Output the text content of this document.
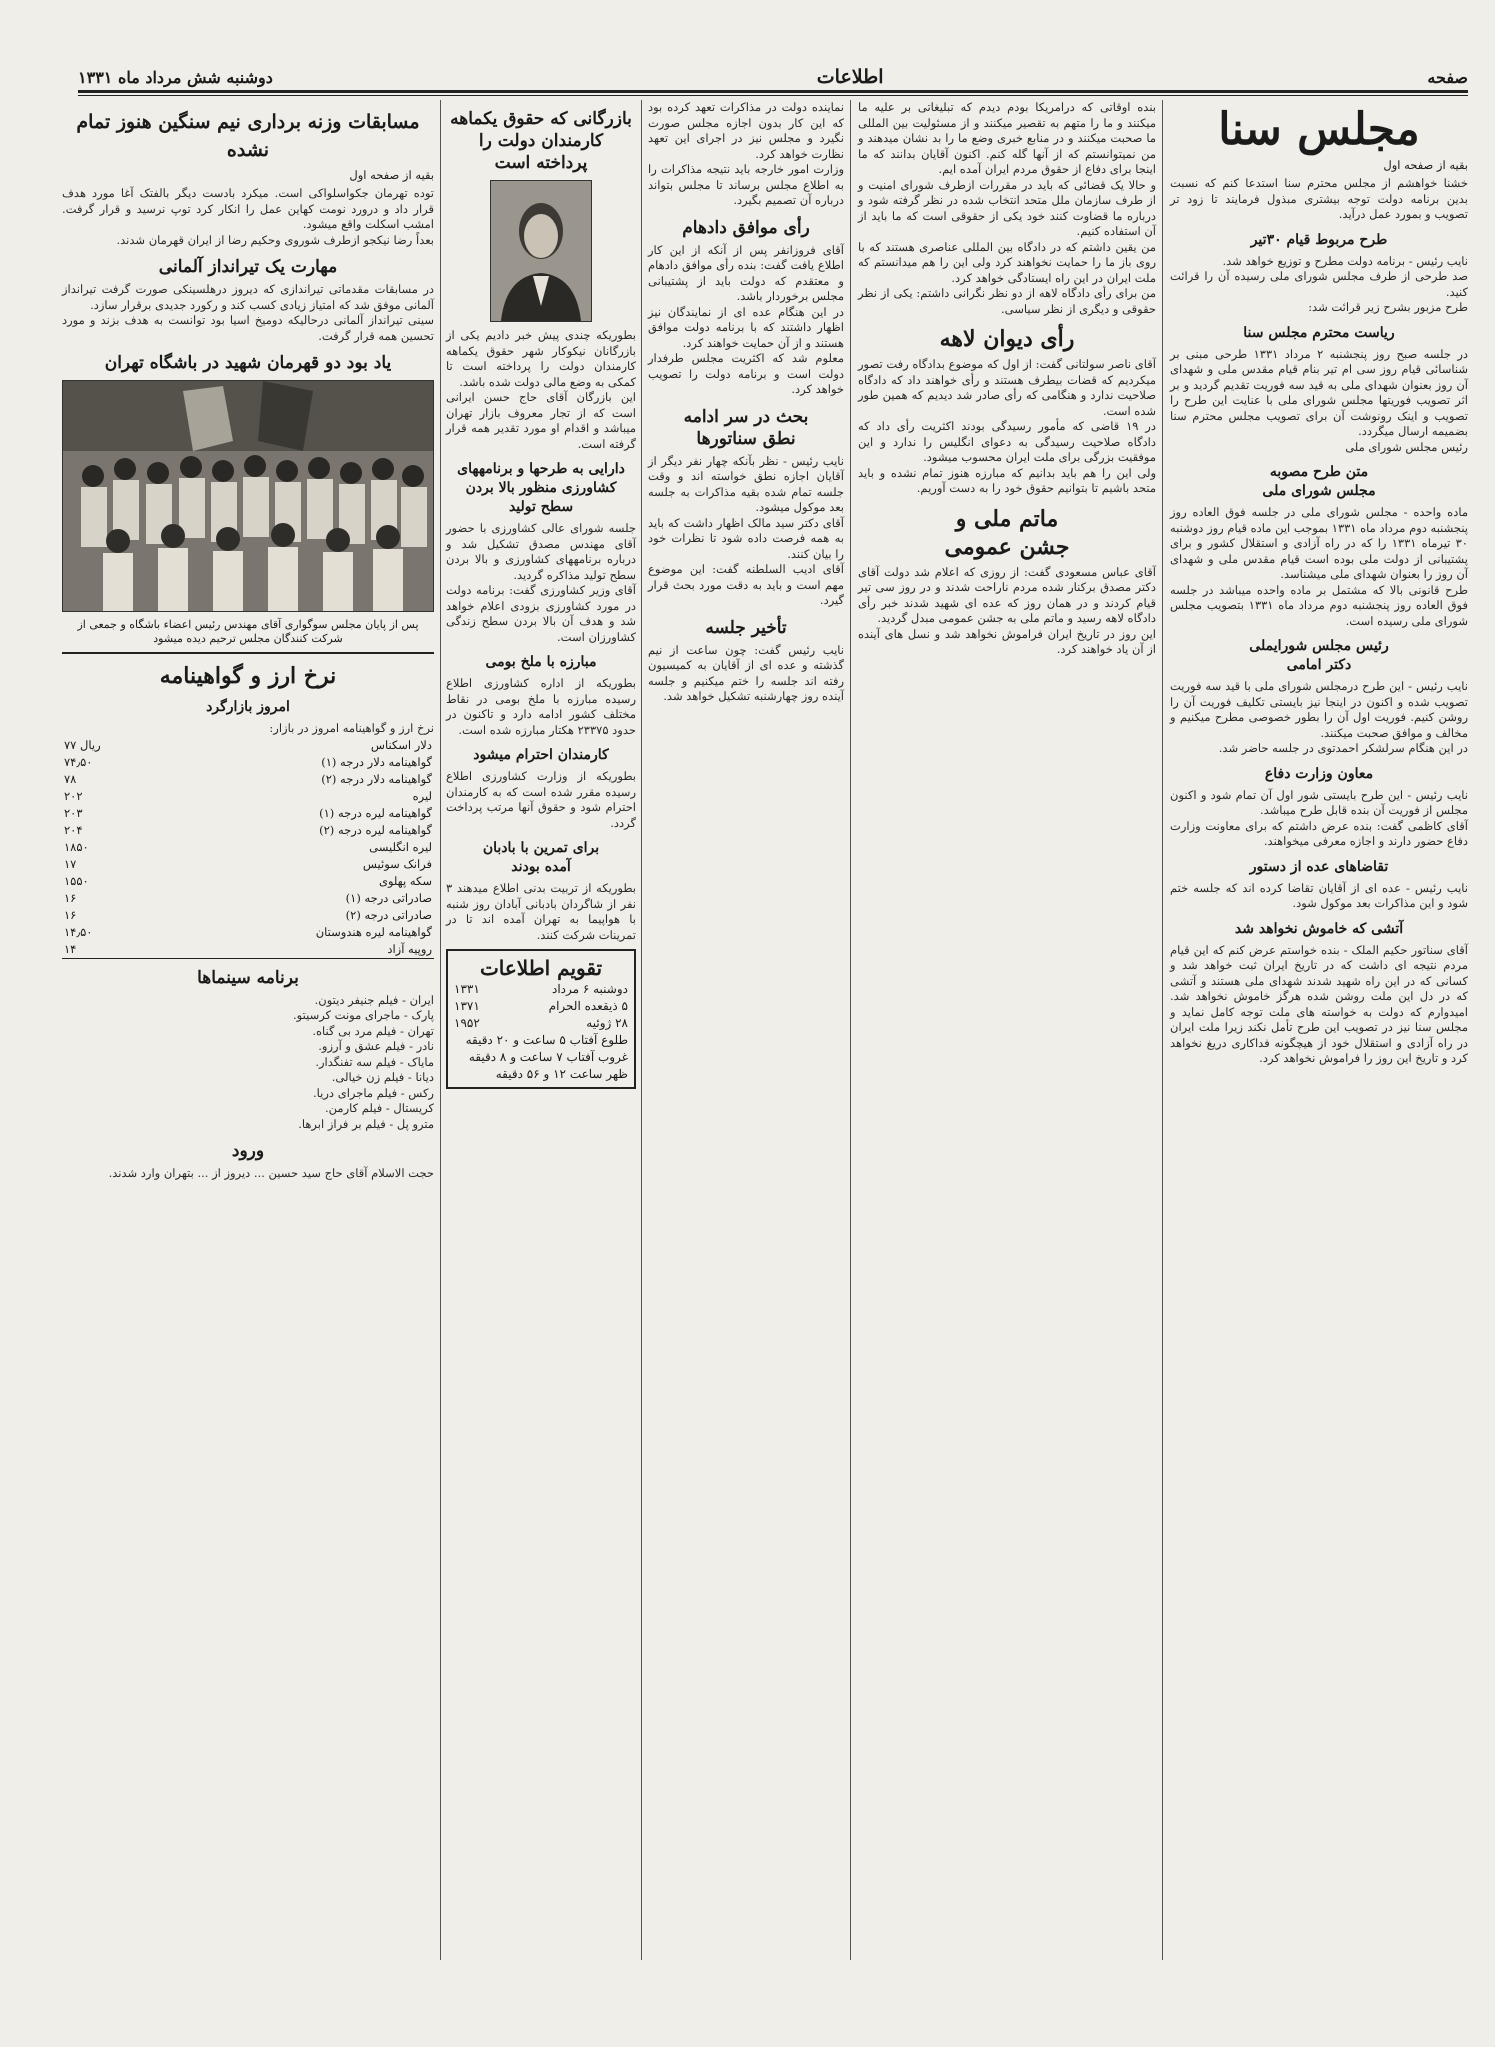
صفحه
اطلاعات
دوشنبه شش مرداد ماه ۱۳۳۱
مجلس سنا
بقیه از صفحه اول
خشنا خواهشم از مجلس محترم سنا استدعا کنم که نسبت بدین برنامه دولت توجه بیشتری مبذول فرمایند تا زود تر تصویب و بمورد عمل درآید.
طرح مربوط قیام ۳۰تیر
نایب رئیس - برنامه دولت مطرح و توزیع خواهد شد.
صد طرحی از طرف مجلس شورای ملی رسیده آن را قرائت کنید.
طرح مزبور بشرح زیر قرائت شد:
ریاست محترم مجلس سنا
در جلسه صبح روز پنجشنبه ۲ مرداد ۱۳۳۱ طرحی مبنی بر شناسائی قیام روز سی ام تیر بنام قیام مقدس ملی و شهدای آن روز بعنوان شهدای ملی به قید سه فوریت تقدیم گردید و بر اثر تصویب فوریتها مجلس شورای ملی با عنایت این طرح را تصویب و اینک رونوشت آن برای تصویب مجلس محترم سنا بضمیمه ارسال میگردد.
رئیس مجلس شورای ملی
متن طرح مصوبه
مجلس شورای ملی
ماده واحده - مجلس شورای ملی در جلسه فوق العاده روز پنجشنبه دوم مرداد ماه ۱۳۳۱ بموجب این ماده قیام روز دوشنبه ۳۰ تیرماه ۱۳۳۱ را که در راه آزادی و استقلال کشور و برای پشتیبانی از دولت ملی بوده است قیام مقدس ملی و شهدای آن روز را بعنوان شهدای ملی میشناسد.
طرح قانونی بالا که مشتمل بر ماده واحده میباشد در جلسه فوق العاده روز پنجشنبه دوم مرداد ماه ۱۳۳۱ بتصویب مجلس شورای ملی رسیده است.
رئیس مجلس شورایملی
دکتر امامی
نایب رئیس - این طرح درمجلس شورای ملی با قید سه فوریت تصویب شده و اکنون در اینجا نیز بایستی تکلیف فوریت آن را روشن کنیم. فوریت اول آن را بطور خصوصی مطرح میکنیم و مخالف و موافق صحبت میکنند.
در این هنگام سرلشکر احمدتوی در جلسه حاضر شد.
معاون وزارت دفاع
نایب رئیس - این طرح بایستی شور اول آن تمام شود و اکنون مجلس از فوریت آن بنده قابل طرح میباشد.
آقای کاظمی گفت: بنده عرض داشتم که برای معاونت وزارت دفاع حضور دارند و اجازه معرفی میخواهند.
تقاضاهای عده از دستور
نایب رئیس - عده ای از آقایان تقاضا کرده اند که جلسه ختم شود و این مذاکرات بعد موکول شود.
آتشی که خاموش نخواهد شد
آقای سناتور حکیم الملک - بنده خواستم عرض کنم که این قیام مردم نتیجه ای داشت که در تاریخ ایران ثبت خواهد شد و کسانی که در این راه شهید شدند شهدای ملی هستند و آتشی که در دل این ملت روشن شده هرگز خاموش نخواهد شد. امیدوارم که دولت به خواسته های ملت توجه کامل نماید و مجلس سنا نیز در تصویب این طرح تأمل نکند زیرا ملت ایران در راه آزادی و استقلال خود از هیچگونه فداکاری دریغ نخواهد کرد و تاریخ این روز را فراموش نخواهد کرد.
بنده اوقاتی که درامریکا بودم دیدم که تبلیغاتی بر علیه ما میکنند و ما را متهم به تقصیر میکنند و از مسئولیت بین المللی ما صحبت میکنند و در منابع خبری وضع ما را بد نشان میدهند و من نمیتوانستم که از آنها گله کنم. اکنون آقایان بدانند که ما اینجا برای دفاع از حقوق مردم ایران آمده ایم.
و حالا یک قضائی که باید در مقررات ازطرف شورای امنیت و از طرف سازمان ملل متحد انتخاب شده در نظر گرفته شود و درباره ما قضاوت کنند خود یکی از حقوقی است که ما باید از آن استفاده کنیم.
من یقین داشتم که در دادگاه بین المللی عناصری هستند که با روی باز ما را حمایت نخواهند کرد ولی این را هم میدانستم که ملت ایران در این راه ایستادگی خواهد کرد.
من برای رأی دادگاه لاهه از دو نظر نگرانی داشتم: یکی از نظر حقوقی و دیگری از نظر سیاسی.
رأی دیوان لاهه
آقای ناصر سولتانی گفت: از اول که موضوع بدادگاه رفت تصور میکردیم که قضات بیطرف هستند و رأی خواهند داد که دادگاه صلاحیت ندارد و هنگامی که رأی صادر شد دیدیم که همین طور شده است.
در ۱۹ قاضی که مأمور رسیدگی بودند اکثریت رأی داد که دادگاه صلاحیت رسیدگی به دعوای انگلیس را ندارد و این موفقیت بزرگی برای ملت ایران محسوب میشود.
ولی این را هم باید بدانیم که مبارزه هنوز تمام نشده و باید متحد باشیم تا بتوانیم حقوق خود را به دست آوریم.
ماتم ملی و
جشن عمومی
آقای عباس مسعودی گفت: از روزی که اعلام شد دولت آقای دکتر مصدق برکنار شده مردم ناراحت شدند و در روز سی تیر قیام کردند و در همان روز که عده ای شهید شدند خبر رأی دادگاه لاهه رسید و ماتم ملی به جشن عمومی مبدل گردید.
این روز در تاریخ ایران فراموش نخواهد شد و نسل های آینده از آن یاد خواهند کرد.
نماینده دولت در مذاکرات تعهد کرده بود که این کار بدون اجازه مجلس صورت نگیرد و مجلس نیز در اجرای این تعهد نظارت خواهد کرد.
وزارت امور خارجه باید نتیجه مذاکرات را به اطلاع مجلس برساند تا مجلس بتواند درباره آن تصمیم بگیرد.
رأی موافق دادهام
آقای فروزانفر پس از آنکه از این کار اطلاع یافت گفت: بنده رأی موافق دادهام و معتقدم که دولت باید از پشتیبانی مجلس برخوردار باشد.
در این هنگام عده ای از نمایندگان نیز اظهار داشتند که با برنامه دولت موافق هستند و از آن حمایت خواهند کرد.
معلوم شد که اکثریت مجلس طرفدار دولت است و برنامه دولت را تصویب خواهد کرد.
بحث در سر ادامه
نطق سناتورها
نایب رئیس - نظر بآنکه چهار نفر دیگر از آقایان اجازه نطق خواسته اند و وقت جلسه تمام شده بقیه مذاکرات به جلسه بعد موکول میشود.
آقای دکتر سید مالک اظهار داشت که باید به همه فرصت داده شود تا نظرات خود را بیان کنند.
آقای ادیب السلطنه گفت: این موضوع مهم است و باید به دقت مورد بحث قرار گیرد.
تأخیر جلسه
نایب رئیس گفت: چون ساعت از نیم گذشته و عده ای از آقایان به کمیسیون رفته اند جلسه را ختم میکنیم و جلسه آینده روز چهارشنبه تشکیل خواهد شد.
بازرگانی که حقوق یکماهه
کارمندان دولت را
پرداخته است
بطوریکه چندی پیش خبر دادیم یکی از بازرگانان نیکوکار شهر حقوق یکماهه کارمندان دولت را پرداخته است تا کمکی به وضع مالی دولت شده باشد.
این بازرگان آقای حاج حسن ایرانی است که از تجار معروف بازار تهران میباشد و اقدام او مورد تقدیر همه قرار گرفته است.
دارایی به طرحها و برنامههای
کشاورزی منظور بالا بردن
سطح تولید
جلسه شورای عالی کشاورزی با حضور آقای مهندس مصدق تشکیل شد و درباره برنامههای کشاورزی و بالا بردن سطح تولید مذاکره گردید.
آقای وزیر کشاورزی گفت: برنامه دولت در مورد کشاورزی بزودی اعلام خواهد شد و هدف آن بالا بردن سطح زندگی کشاورزان است.
مبارزه با ملخ بومی
بطوریکه از اداره کشاورزی اطلاع رسیده مبارزه با ملخ بومی در نقاط مختلف کشور ادامه دارد و تاکنون در حدود ۲۳۳۷۵ هکتار مبارزه شده است.
کارمندان احترام میشود
بطوریکه از وزارت کشاورزی اطلاع رسیده مقرر شده است که به کارمندان احترام شود و حقوق آنها مرتب پرداخت گردد.
برای تمرین با بادبان
آمده بودند
بطوریکه از تربیت بدنی اطلاع میدهند ۳ نفر از شاگردان بادبانی آبادان روز شنبه با هواپیما به تهران آمده اند تا در تمرینات شرکت کنند.
تقویم اطلاعات
دوشنبه ۶ مرداد
۱۳۳۱
۵ ذیقعده الحرام
۱۳۷۱
۲۸ ژوئیه
۱۹۵۲
طلوع آفتاب ۵ ساعت و ۲۰ دقیقه
غروب آفتاب ۷ ساعت و ۸ دقیقه
ظهر ساعت ۱۲ و ۵۶ دقیقه
مسابقات وزنه برداری نیم سنگین هنوز تمام نشده
بقیه از صفحه اول
توده تهرمان جکواسلواکی است. میکرد بادست دیگر بالفتک آغا مورد هدف قرار داد و درورد نومت کهاین عمل را انکار کرد توپ نرسید و قرار گرفت. امشب اسکلت واقع میشود.
بعداً رضا نیکجو ازطرف شوروی وحکیم رضا از ایران قهرمان شدند.
مهارت یک تیرانداز آلمانی
در مسابقات مقدماتی تیراندازی که دیروز درهلسینکی صورت گرفت تیرانداز آلمانی موفق شد که امتیاز زیادی کسب کند و رکورد جدیدی برقرار سازد.
سینی تیرانداز آلمانی درحالیکه دومیخ اسیا بود توانست به هدف بزند و مورد تحسین همه قرار گرفت.
یاد بود دو قهرمان شهید در باشگاه تهران
پس از پایان مجلس سوگواری آقای مهندس رئیس اعضاء باشگاه و جمعی از شرکت کنندگان مجلس ترحیم دیده میشود
نرخ ارز و گواهینامه
امروز بازارگرد
نرخ ارز و گواهینامه امروز در بازار:
دلار اسکناس	۷۷ ریال
گواهینامه دلار درجه (۱)	۷۴٫۵۰
گواهینامه دلار درجه (۲)	۷۸
لیره	۲۰۲
گواهینامه لیره درجه (۱)	۲۰۳
گواهینامه لیره درجه (۲)	۲۰۴
لیره انگلیسی	۱۸۵۰
فرانک سوئیس	۱۷
سکه پهلوی	۱۵۵۰
صادراتی درجه (۱)	۱۶
صادراتی درجه (۲)	۱۶
گواهینامه لیره هندوستان	۱۴٫۵۰
روپیه آزاد	۱۴
برنامه سینماها
ایران - فیلم جنیفر دیتون.
پارک - ماجرای مونت کرسیتو.
تهران - فیلم مرد بی گناه.
نادر - فیلم عشق و آرزو.
مایاک - فیلم سه تفنگدار.
دیانا - فیلم زن خیالی.
رکس - فیلم ماجرای دریا.
کریستال - فیلم کارمن.
مترو پل - فیلم بر فراز ابرها.
ورود
حجت الاسلام آقای حاج سید حسین ... دیروز از ... بتهران وارد شدند.
